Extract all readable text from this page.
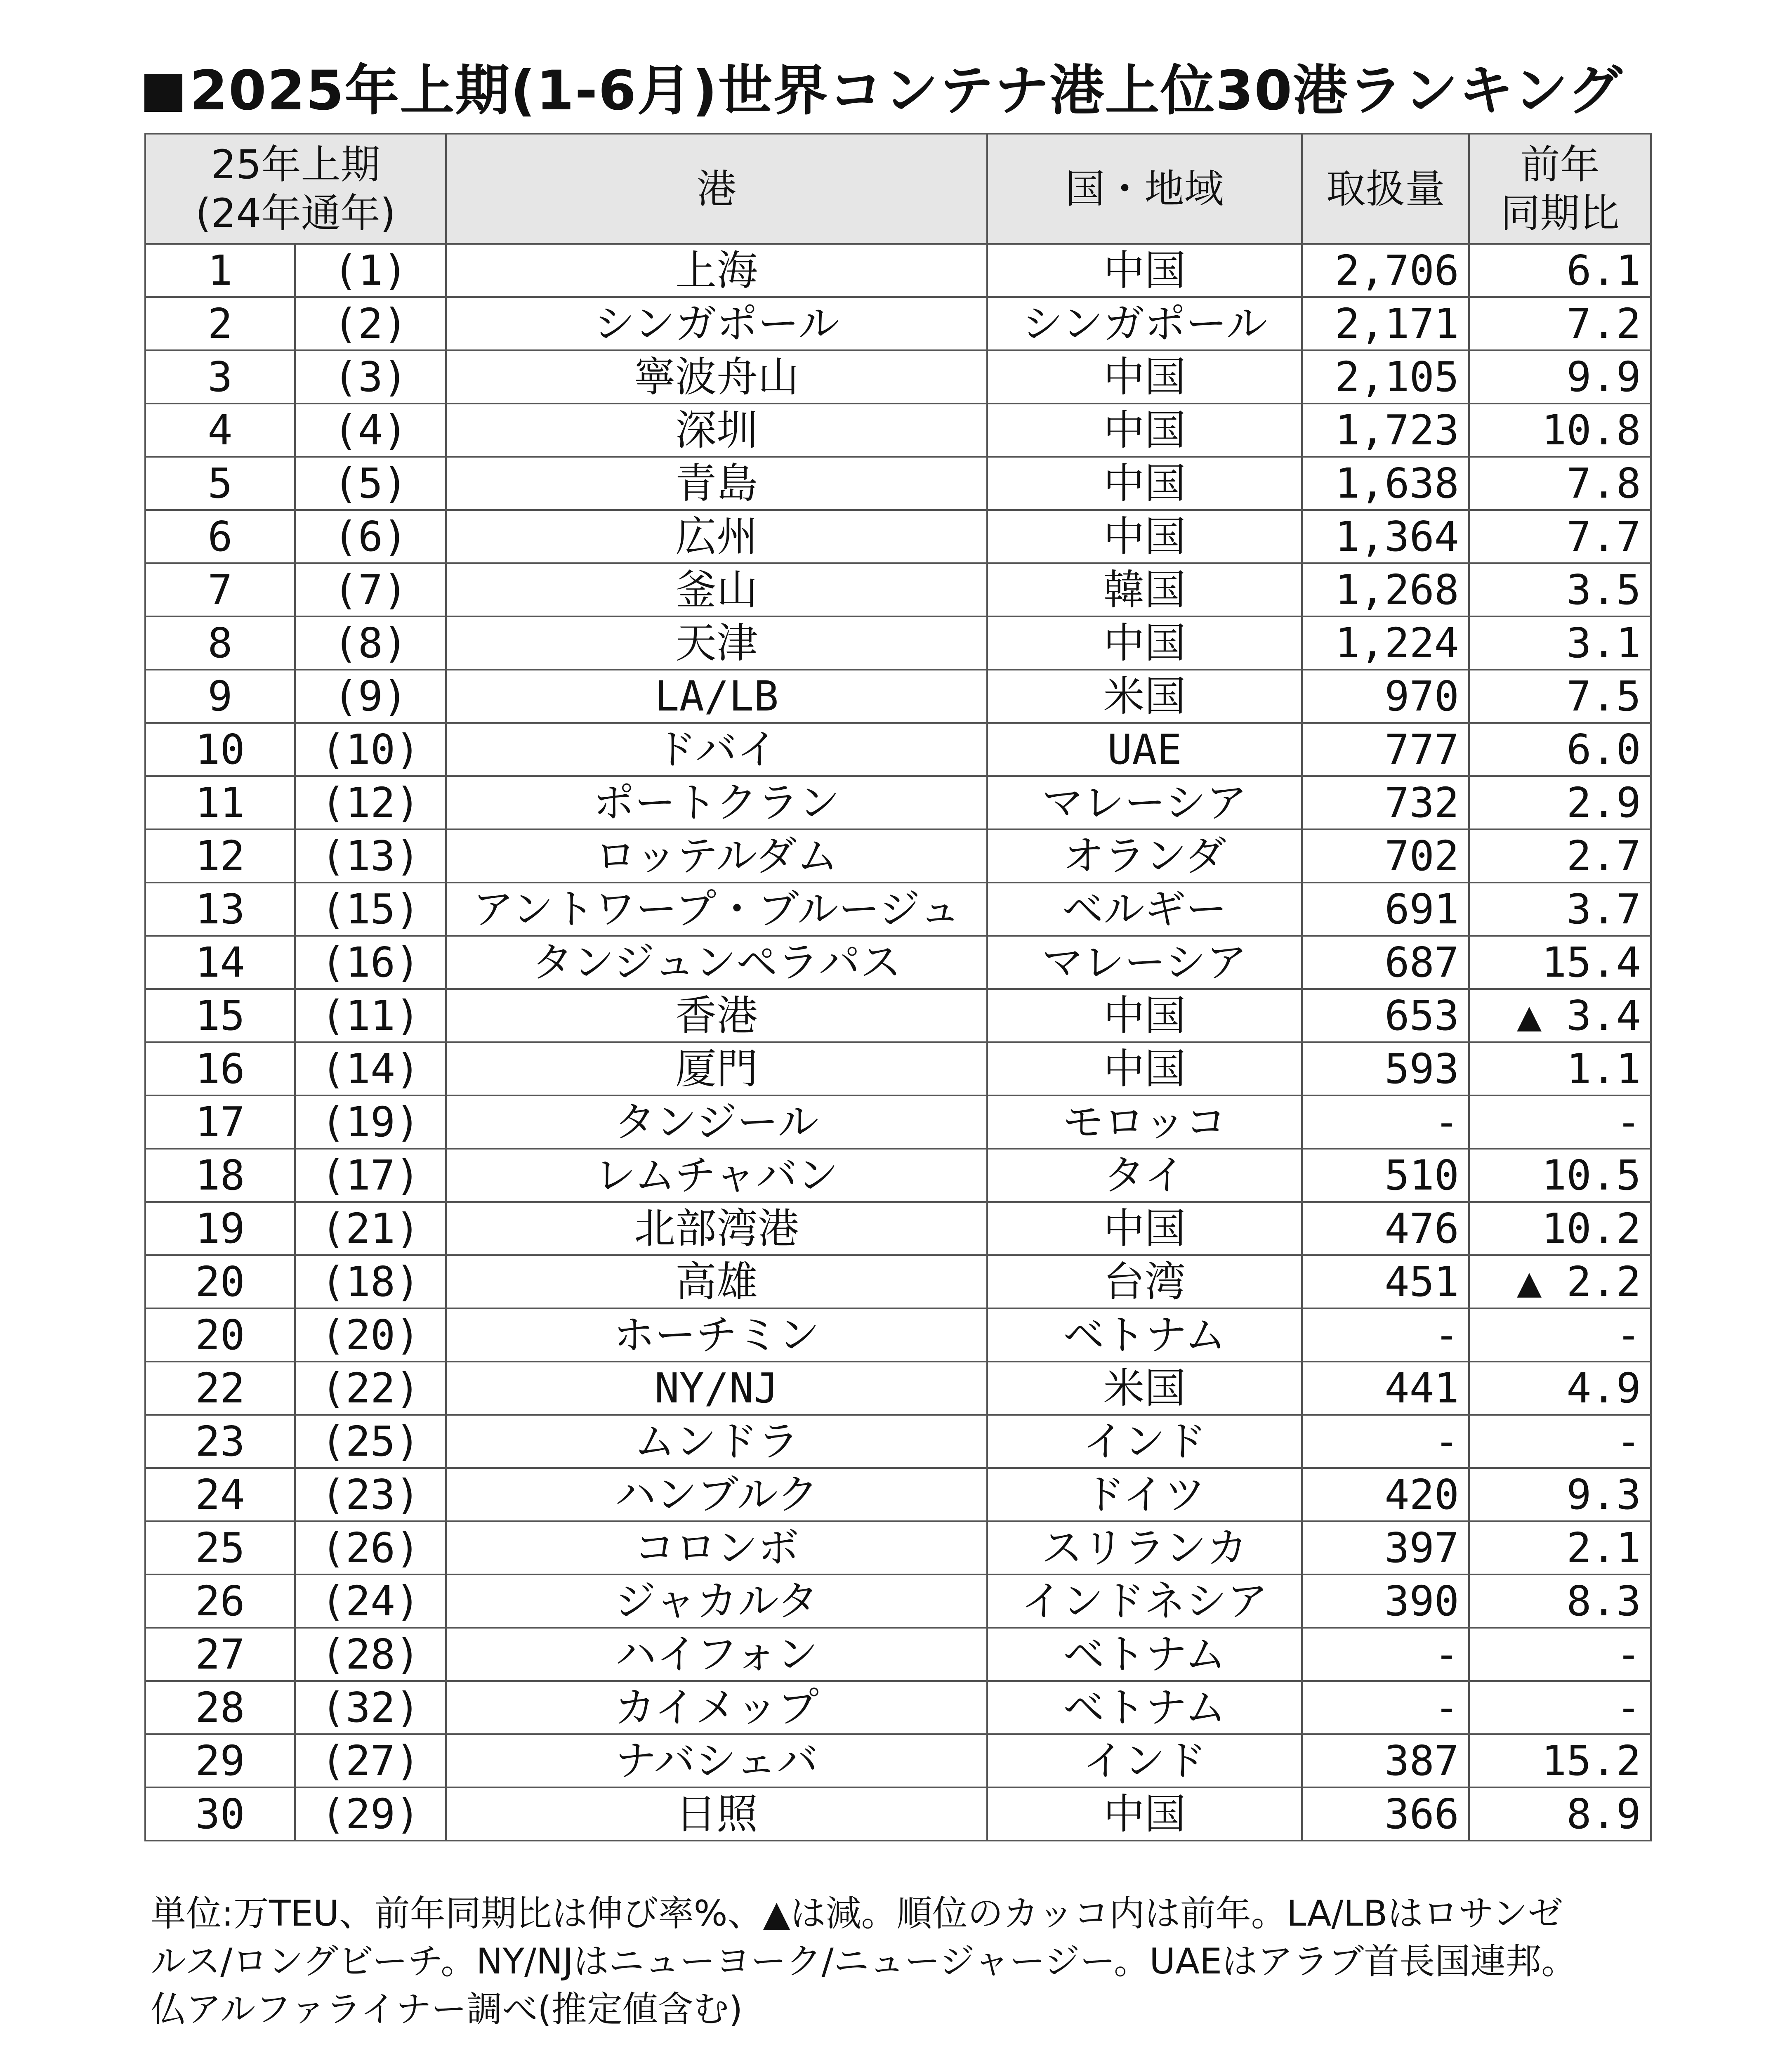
2025年上期(1-6月)世界コンテナ港上位30港ランキング
25年上期
(24年通年)		港	国・地域	取扱量	前年
同期比

1	(1)	上海	中国	2,706	6.1
2	(2)	シンガポール	シンガポール	2,171	7.2
3	(3)	寧波舟山	中国	2,105	9.9
4	(4)	深圳	中国	1,723	10.8
5	(5)	青島	中国	1,638	7.8
6	(6)	広州	中国	1,364	7.7
7	(7)	釜山	韓国	1,268	3.5
8	(8)	天津	中国	1,224	3.1
9	(9)	LA/LB	米国	970	7.5
10	(10)	ドバイ	UAE	777	6.0
11	(12)	ポートクラン	マレーシア	732	2.9
12	(13)	ロッテルダム	オランダ	702	2.7
13	(15)	アントワープ・ブルージュ	ベルギー	691	3.7
14	(16)	タンジュンペラパス	マレーシア	687	15.4
15	(11)	香港	中国	653	▲ 3.4
16	(14)	厦門	中国	593	1.1
17	(19)	タンジール	モロッコ	-	-
18	(17)	レムチャバン	タイ	510	10.5
19	(21)	北部湾港	中国	476	10.2
20	(18)	高雄	台湾	451	▲ 2.2
20	(20)	ホーチミン	ベトナム	-	-
22	(22)	NY/NJ	米国	441	4.9
23	(25)	ムンドラ	インド	-	-
24	(23)	ハンブルク	ドイツ	420	9.3
25	(26)	コロンボ	スリランカ	397	2.1
26	(24)	ジャカルタ	インドネシア	390	8.3
27	(28)	ハイフォン	ベトナム	-	-
28	(32)	カイメップ	ベトナム	-	-
29	(27)	ナバシェバ	インド	387	15.2
30	(29)	日照	中国	366	8.9
単位:万TEU、前年同期比は伸び率%、▲は減。順位のカッコ内は前年。LA/LBはロサンゼ
ルス/ロングビーチ。NY/NJはニューヨーク/ニュージャージー。UAEはアラブ首長国連邦。
仏アルファライナー調べ(推定値含む)
